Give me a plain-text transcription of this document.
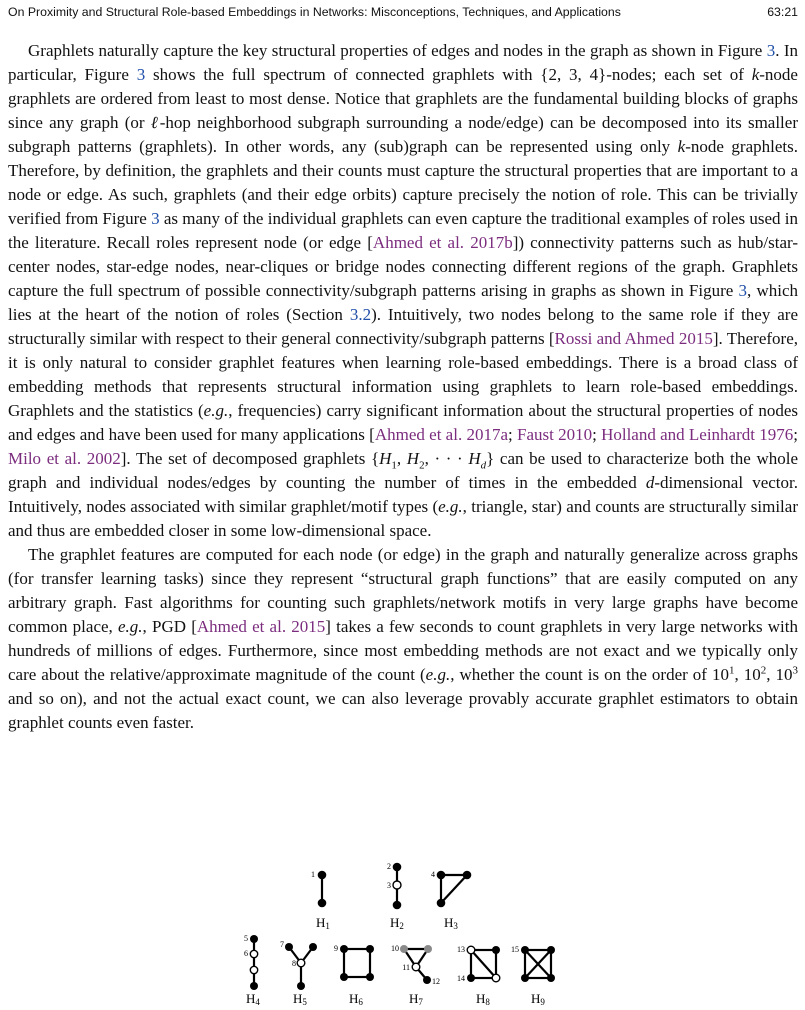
On Proximity and Structural Role-based Embeddings in Networks: Misconceptions, Techniques, and Applications	63:21

Graphlets naturally capture the key structural properties of edges and nodes in the graph as shown in Figure 3. In particular, Figure 3 shows the full spectrum of connected graphlets with {2, 3, 4}-nodes; each set of k-node graphlets are ordered from least to most dense. Notice that graphlets are the fundamental building blocks of graphs since any graph (or ℓ-hop neighborhood subgraph surrounding a node/edge) can be decomposed into its smaller subgraph patterns (graphlets). In other words, any (sub)graph can be represented using only k-node graphlets. Therefore, by definition, the graphlets and their counts must capture the structural properties that are important to a node or edge. As such, graphlets (and their edge orbits) capture precisely the notion of role. This can be trivially verified from Figure 3 as many of the individual graphlets can even capture the traditional examples of roles used in the literature. Recall roles represent node (or edge [Ahmed et al. 2017b]) connectivity patterns such as hub/star-center nodes, star-edge nodes, near-cliques or bridge nodes connecting different regions of the graph. Graphlets capture the full spectrum of possible connectivity/subgraph patterns arising in graphs as shown in Figure 3, which lies at the heart of the notion of roles (Section 3.2). Intuitively, two nodes belong to the same role if they are structurally similar with respect to their general connectivity/subgraph patterns [Rossi and Ahmed 2015]. Therefore, it is only natural to consider graphlet features when learning role-based embeddings. There is a broad class of embedding methods that represents structural information using graphlets to learn role-based embeddings. Graphlets and the statistics (e.g., frequencies) carry significant information about the structural properties of nodes and edges and have been used for many applications [Ahmed et al. 2017a; Faust 2010; Holland and Leinhardt 1976; Milo et al. 2002]. The set of decomposed graphlets {$H_1$, $H_2$, · · · $H_d$} can be used to characterize both the whole graph and individual nodes/edges by counting the number of times in the embedded d-dimensional vector. Intuitively, nodes associated with similar graphlet/motif types (e.g., triangle, star) and counts are structurally similar and thus are embedded closer in some low-dimensional space.

The graphlet features are computed for each node (or edge) in the graph and naturally generalize across graphs (for transfer learning tasks) since they represent “structural graph functions” that are easily computed on any arbitrary graph. Fast algorithms for counting such graphlets/network motifs in very large graphs have become common place, e.g., PGD [Ahmed et al. 2015] takes a few seconds to count graphlets in very large networks with hundreds of millions of edges. Furthermore, since most embedding methods are not exact and we typically only care about the relative/approximate magnitude of the count (e.g., whether the count is on the order of $10^1$, $10^2$, $10^3$ and so on), and not the actual exact count, we can also leverage provably accurate graphlet estimators to obtain graphlet counts even faster.

1
H1
2
3
H2
4
H3
5
6
H4
7
8
H5
9
H6
10
11
12
H7
13
14
H8
15
H9
